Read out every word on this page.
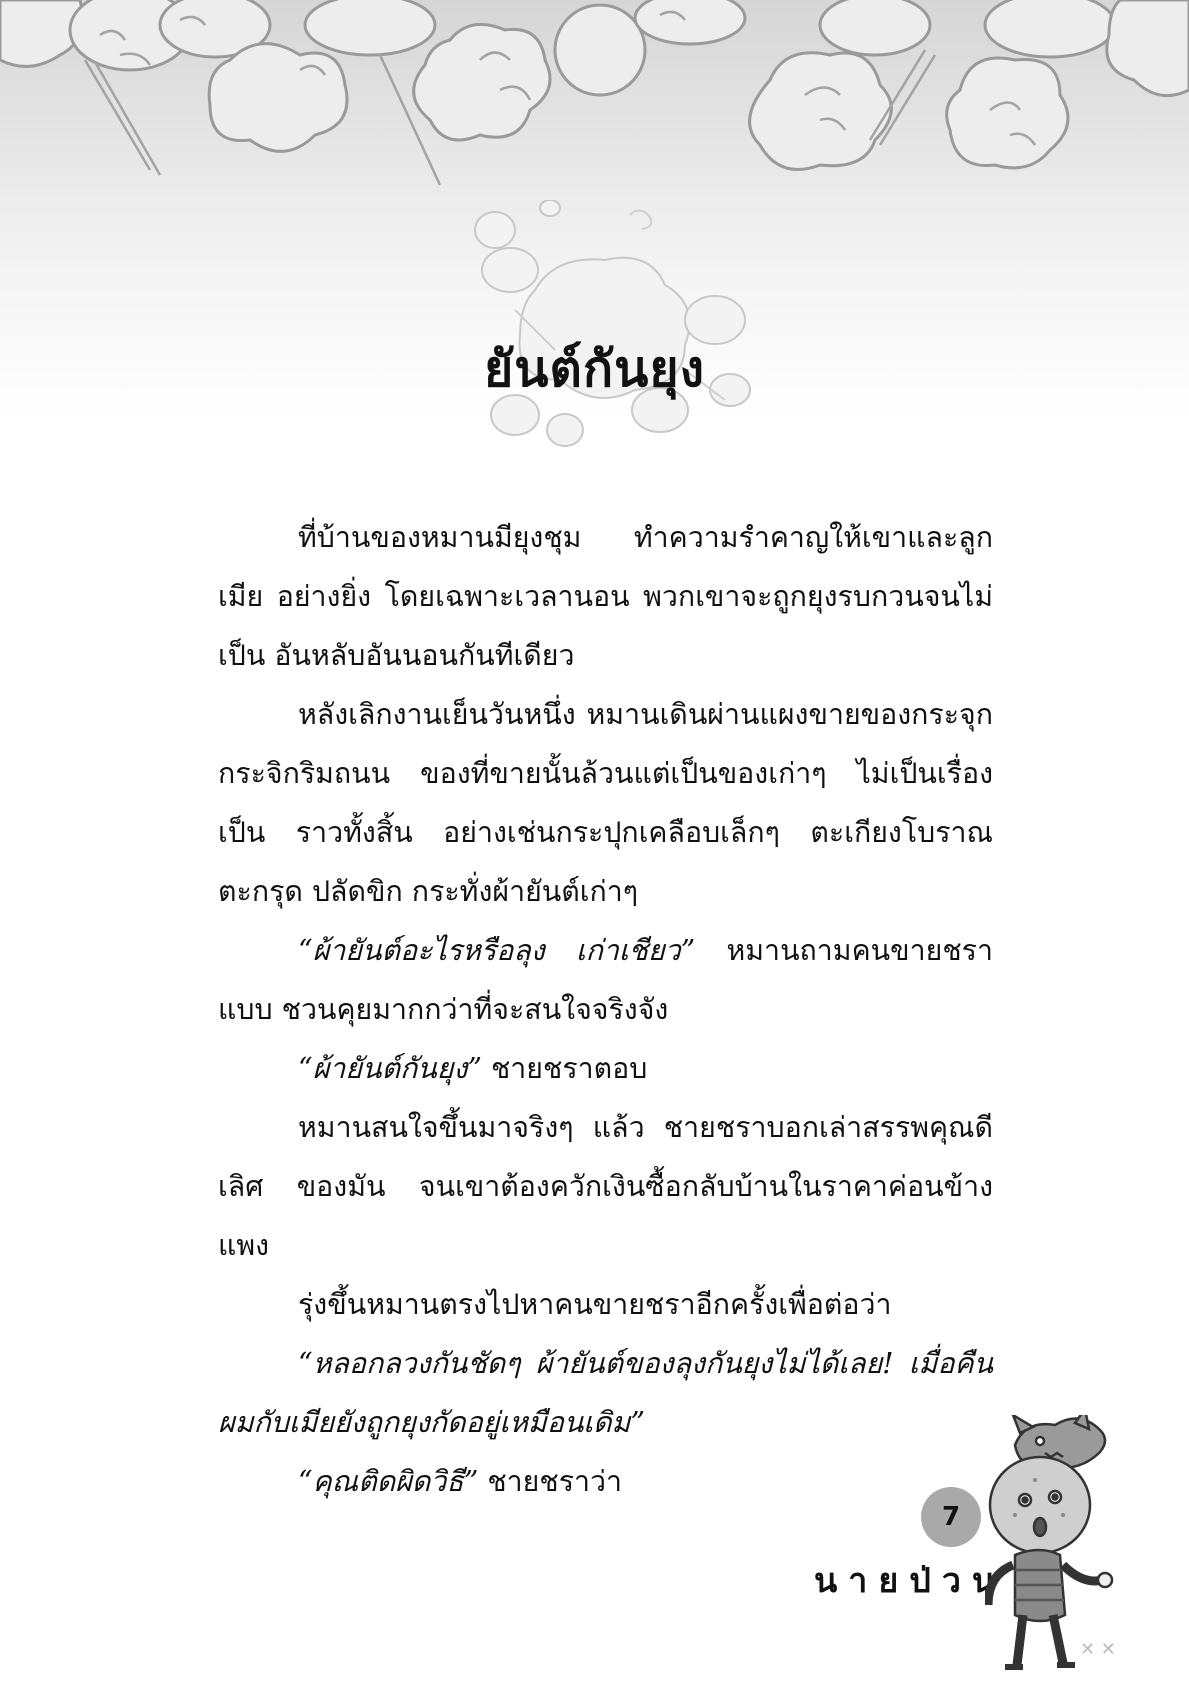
ยันต์กันยุง

ที่บ้านของหมานมียุงชุม ทำความรำคาญให้เขาและลูกเมีย อย่างยิ่ง โดยเฉพาะเวลานอน พวกเขาจะถูกยุงรบกวนจนไม่เป็น อันหลับอันนอนกันทีเดียว

หลังเลิกงานเย็นวันหนึ่ง หมานเดินผ่านแผงขายของกระจุก กระจิกริมถนน ของที่ขายนั้นล้วนแต่เป็นของเก่าๆ ไม่เป็นเรื่องเป็น ราวทั้งสิ้น อย่างเช่นกระปุกเคลือบเล็กๆ ตะเกียงโบราณ ตะกรุด ปลัดขิก กระทั่งผ้ายันต์เก่าๆ

“ผ้ายันต์อะไรหรือลุง เก่าเชียว” หมานถามคนขายชราแบบ ชวนคุยมากกว่าที่จะสนใจจริงจัง

“ผ้ายันต์กันยุง” ชายชราตอบ

หมานสนใจขึ้นมาจริงๆ แล้ว ชายชราบอกเล่าสรรพคุณดีเลิศ ของมัน จนเขาต้องควักเงินซื้อกลับบ้านในราคาค่อนข้างแพง

รุ่งขึ้นหมานตรงไปหาคนขายชราอีกครั้งเพื่อต่อว่า

“หลอกลวงกันชัดๆ ผ้ายันต์ของลุงกันยุงไม่ได้เลย! เมื่อคืน ผมกับเมียยังถูกยุงกัดอยู่เหมือนเดิม”

“คุณติดผิดวิธี” ชายชราว่า

7
นายป่วน
✕ ✕
